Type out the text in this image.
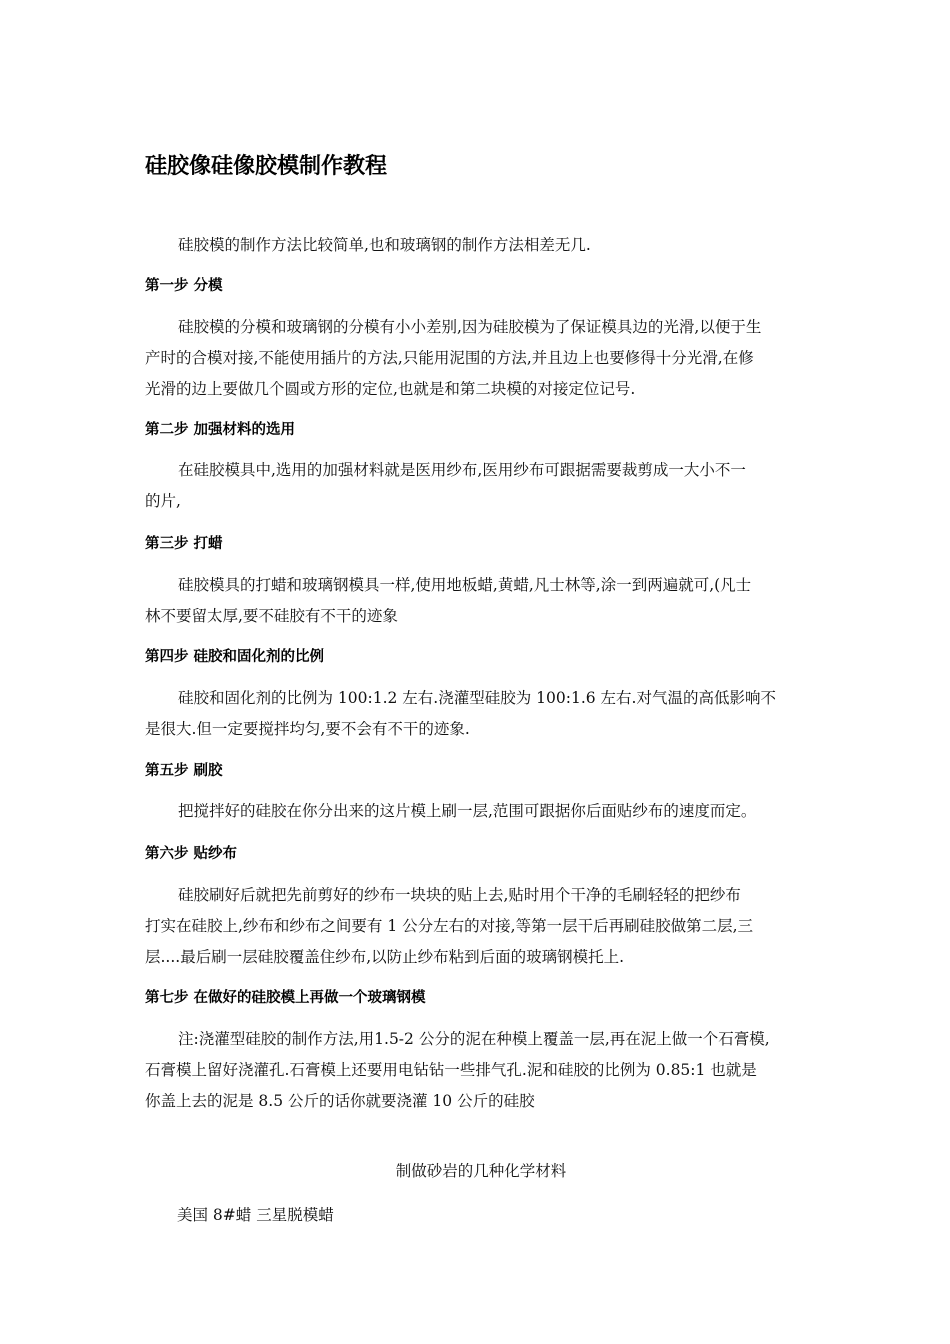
硅胶像硅像胶模制作教程

硅胶模的制作方法比较简单,也和玻璃钢的制作方法相差无几.

第一步 分模

硅胶模的分模和玻璃钢的分模有小小差别,因为硅胶模为了保证模具边的光滑,以便于生
产时的合模对接,不能使用插片的方法,只能用泥围的方法,并且边上也要修得十分光滑,在修
光滑的边上要做几个圆或方形的定位,也就是和第二块模的对接定位记号.

第二步 加强材料的选用

在硅胶模具中,选用的加强材料就是医用纱布,医用纱布可跟据需要裁剪成一大小不一
的片,

第三步 打蜡

硅胶模具的打蜡和玻璃钢模具一样,使用地板蜡,黄蜡,凡士林等,涂一到两遍就可,(凡士
林不要留太厚,要不硅胶有不干的迹象

第四步 硅胶和固化剂的比例

硅胶和固化剂的比例为 100:1.2 左右.浇灌型硅胶为 100:1.6 左右.对气温的高低影响不
是很大.但一定要搅拌均匀,要不会有不干的迹象.

第五步 刷胶

把搅拌好的硅胶在你分出来的这片模上刷一层,范围可跟据你后面贴纱布的速度而定。

第六步 贴纱布

硅胶刷好后就把先前剪好的纱布一块块的贴上去,贴时用个干净的毛刷轻轻的把纱布
打实在硅胶上,纱布和纱布之间要有 1 公分左右的对接,等第一层干后再刷硅胶做第二层,三
层....最后刷一层硅胶覆盖住纱布,以防止纱布粘到后面的玻璃钢模托上.

第七步 在做好的硅胶模上再做一个玻璃钢模

注:浇灌型硅胶的制作方法,用1.5-2 公分的泥在种模上覆盖一层,再在泥上做一个石膏模,
石膏模上留好浇灌孔.石膏模上还要用电钻钻一些排气孔.泥和硅胶的比例为 0.85:1 也就是
你盖上去的泥是 8.5 公斤的话你就要浇灌 10 公斤的硅胶

制做砂岩的几种化学材料

美国 8#蜡 三星脱模蜡
